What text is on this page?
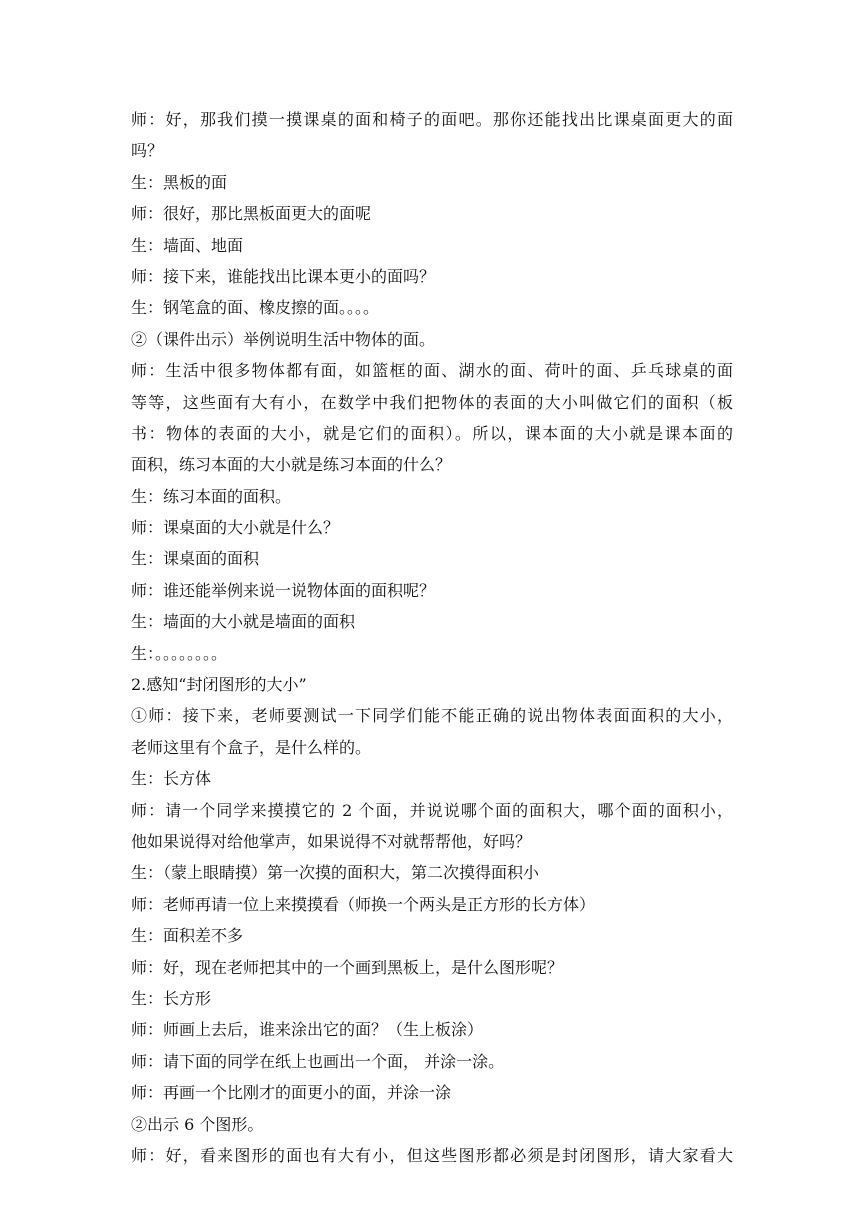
师：好，那我们摸一摸课桌的面和椅子的面吧。那你还能找出比课桌面更大的面
吗？
生：黑板的面
师：很好，那比黑板面更大的面呢
生：墙面、地面
师：接下来，谁能找出比课本更小的面吗？
生：钢笔盒的面、橡皮擦的面。。。。
②（课件出示）举例说明生活中物体的面。
师：生活中很多物体都有面，如篮框的面、湖水的面、荷叶的面、乒乓球桌的面
等等，这些面有大有小，在数学中我们把物体的表面的大小叫做它们的面积（板
书：物体的表面的大小，就是它们的面积）。所以，课本面的大小就是课本面的
面积，练习本面的大小就是练习本面的什么？
生：练习本面的面积。
师：课桌面的大小就是什么？
生：课桌面的面积
师：谁还能举例来说一说物体面的面积呢？
生：墙面的大小就是墙面的面积
生：。。。。。。。。
2.感知“封闭图形的大小”
①师：接下来，老师要测试一下同学们能不能正确的说出物体表面面积的大小，
老师这里有个盒子，是什么样的。
生：长方体
师：请一个同学来摸摸它的 2 个面，并说说哪个面的面积大，哪个面的面积小，
他如果说得对给他掌声，如果说得不对就帮帮他，好吗？
生：（蒙上眼睛摸）第一次摸的面积大，第二次摸得面积小
师：老师再请一位上来摸摸看（师换一个两头是正方形的长方体）
生：面积差不多
师：好，现在老师把其中的一个画到黑板上，是什么图形呢？
生：长方形
师：师画上去后，谁来涂出它的面？（生上板涂）
师：请下面的同学在纸上也画出一个面， 并涂一涂。
师：再画一个比刚才的面更小的面，并涂一涂
②出示 6 个图形。
师：好，看来图形的面也有大有小，但这些图形都必须是封闭图形，请大家看大
